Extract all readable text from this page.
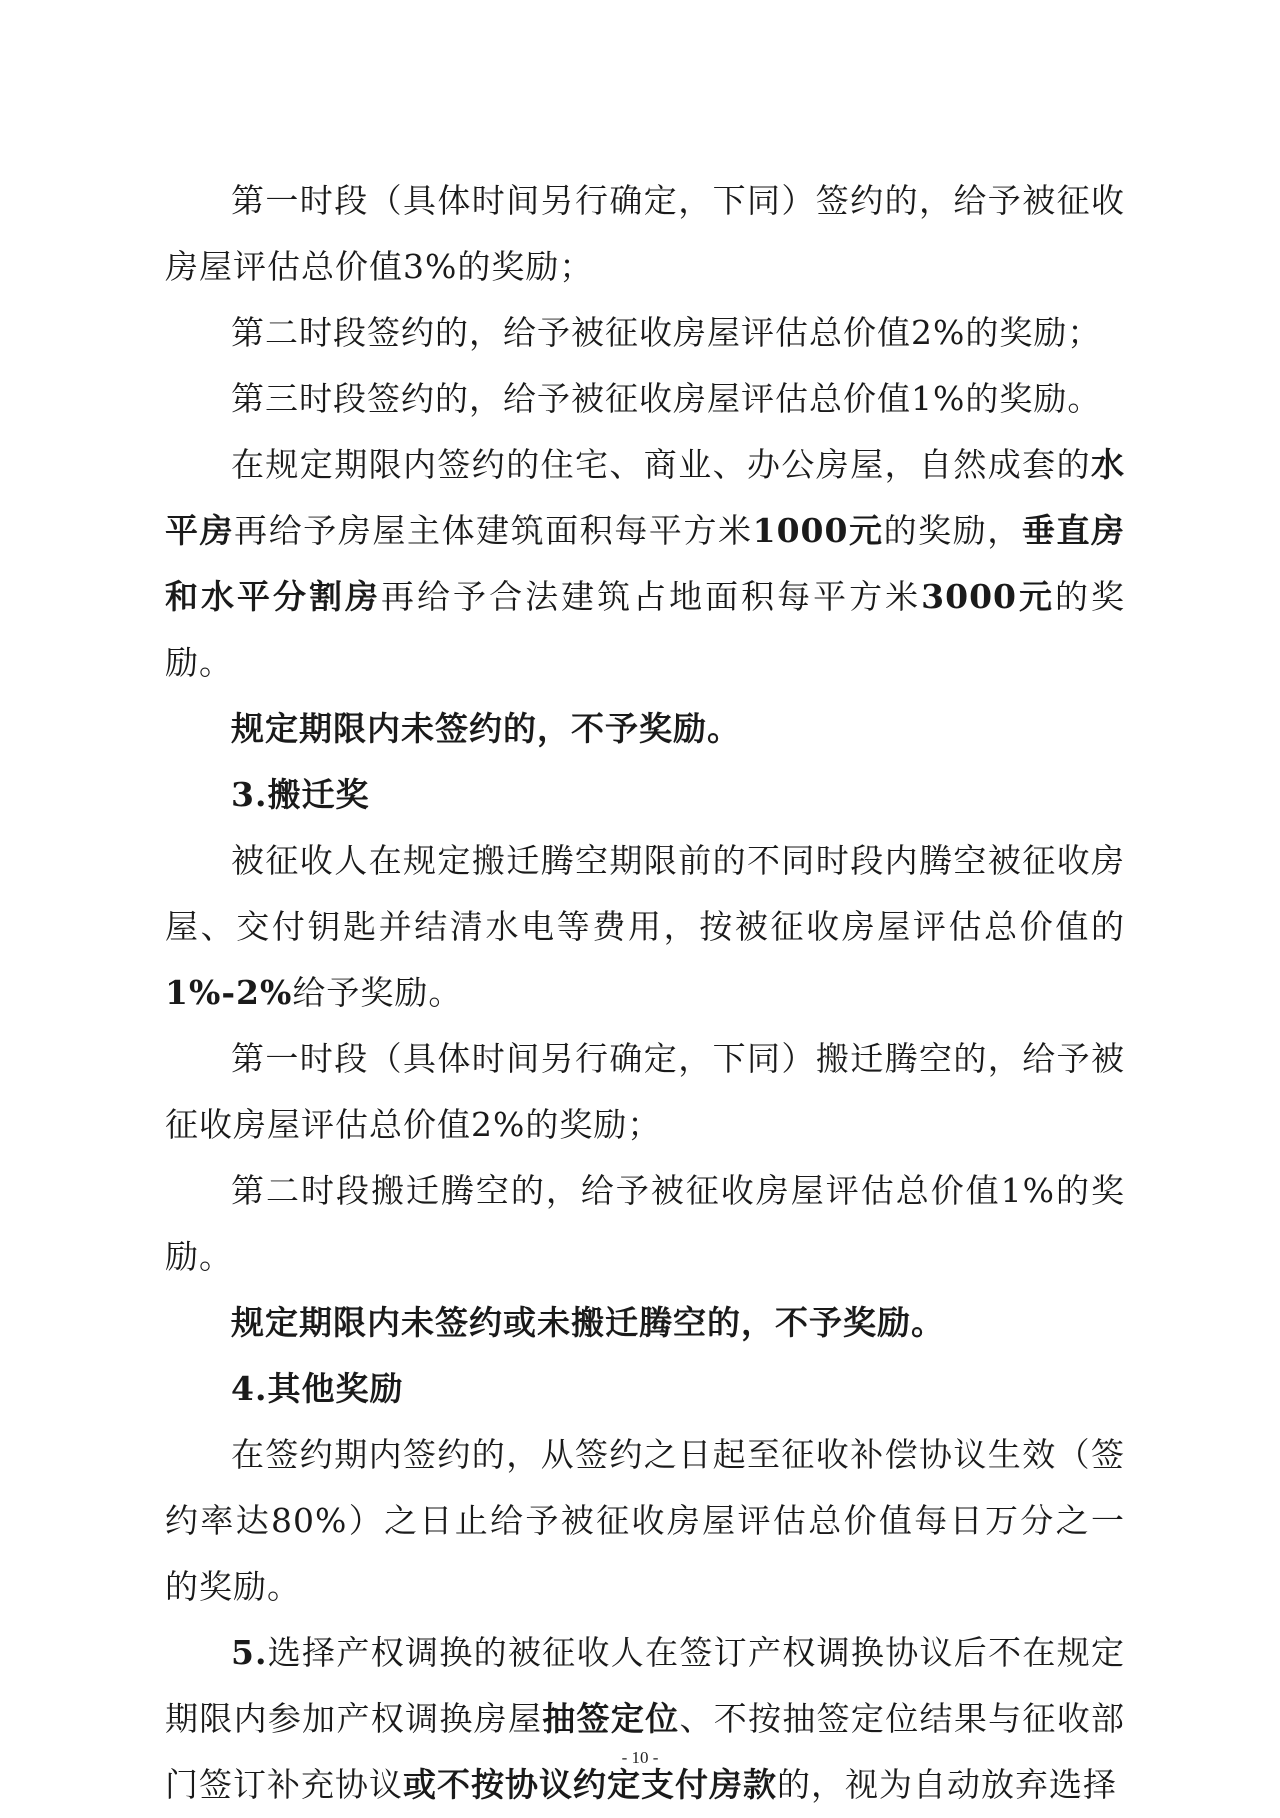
第一时段（具体时间另行确定，下同）签约的，给予被征收房屋评估总价值3%的奖励；

第二时段签约的，给予被征收房屋评估总价值2%的奖励；

第三时段签约的，给予被征收房屋评估总价值1%的奖励。

在规定期限内签约的住宅、商业、办公房屋，自然成套的水平房再给予房屋主体建筑面积每平方米1000元的奖励，垂直房和水平分割房再给予合法建筑占地面积每平方米3000元的奖励。

规定期限内未签约的，不予奖励。

3.搬迁奖

被征收人在规定搬迁腾空期限前的不同时段内腾空被征收房屋、交付钥匙并结清水电等费用，按被征收房屋评估总价值的1%-2%给予奖励。

第一时段（具体时间另行确定，下同）搬迁腾空的，给予被征收房屋评估总价值2%的奖励；

第二时段搬迁腾空的，给予被征收房屋评估总价值1%的奖励。

规定期限内未签约或未搬迁腾空的，不予奖励。

4.其他奖励

在签约期内签约的，从签约之日起至征收补偿协议生效（签约率达80%）之日止给予被征收房屋评估总价值每日万分之一的奖励。

5.选择产权调换的被征收人在签订产权调换协议后不在规定期限内参加产权调换房屋抽签定位、不按抽签定位结果与征收部门签订补充协议或不按协议约定支付房款的，视为自动放弃选择

- 10 -
